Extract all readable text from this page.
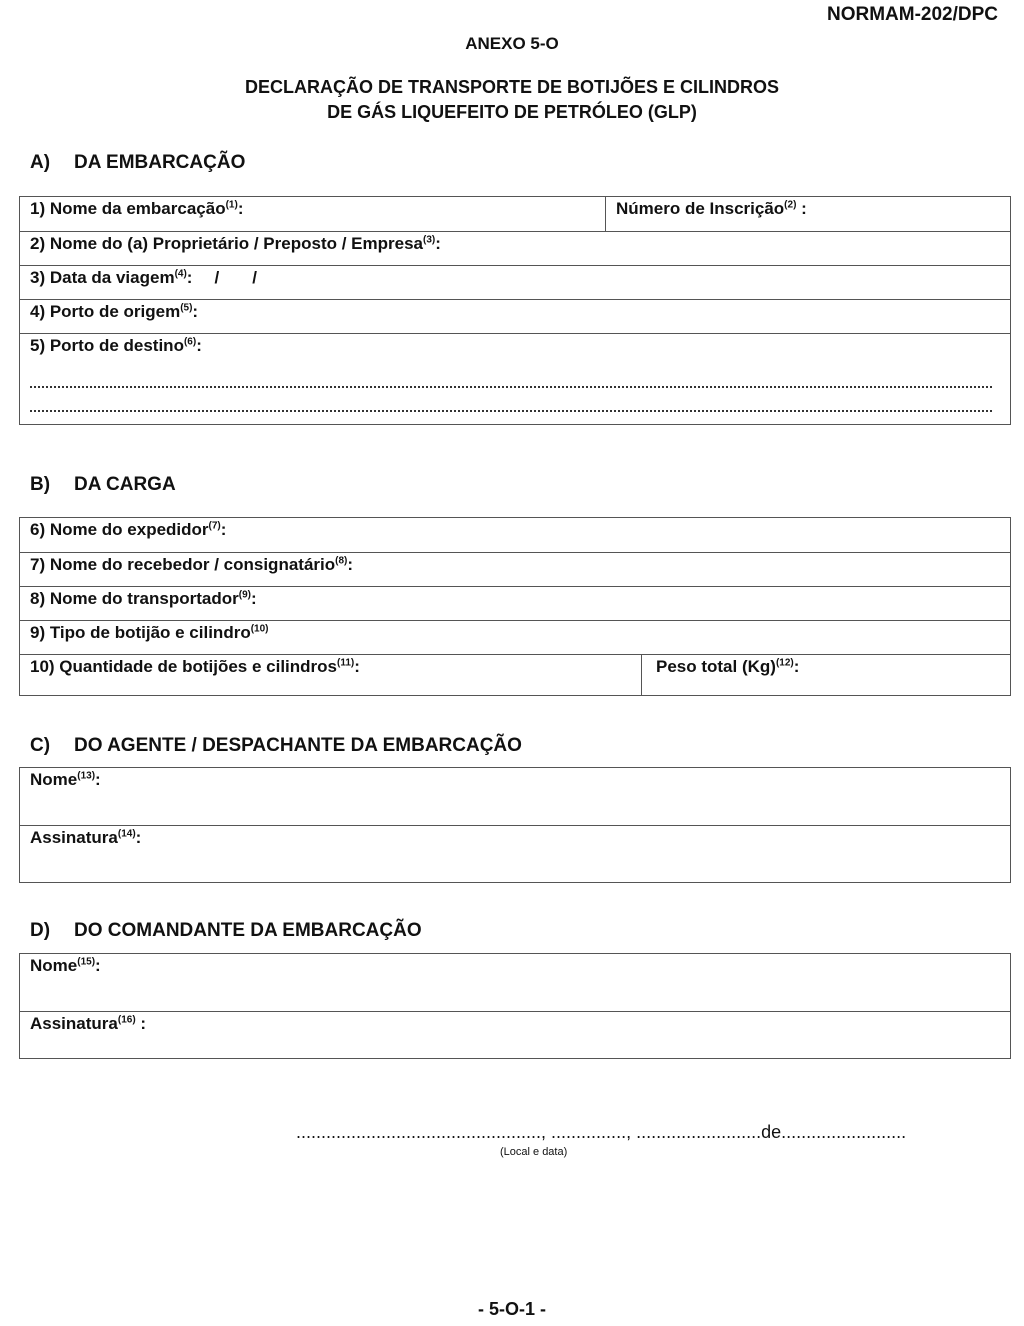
NORMAM-202/DPC
ANEXO 5-O
DECLARAÇÃO DE TRANSPORTE DE BOTIJÕES E CILINDROS
DE GÁS LIQUEFEITO DE PETRÓLEO (GLP)
A) DA EMBARCAÇÃO
1) Nome da embarcação$^{(1)}$:	Número de Inscrição$^{(2)}$ :
2) Nome do (a) Proprietário / Preposto / Empresa$^{(3)}$:
3) Data da viagem$^{(4)}$: /       /
4) Porto de origem$^{(5)}$:
5) Porto de destino$^{(6)}$:
B) DA CARGA
6) Nome do expedidor$^{(7)}$:
7) Nome do recebedor / consignatário$^{(8)}$:
8) Nome do transportador$^{(9)}$:
9) Tipo de botijão e cilindro$^{(10)}$
10) Quantidade de botijões e cilindros$^{(11)}$:	Peso total $(Kg)^{(12)}$:
C) DO AGENTE / DESPACHANTE DA EMBARCAÇÃO
Nome$^{(13)}$:
Assinatura$^{(14)}$:
D) DO COMANDANTE DA EMBARCAÇÃO
Nome$^{(15)}$:
Assinatura$^{(16)}$ :
................................................., ..............., .........................de.........................
(Local e data)
- 5-O-1 -
